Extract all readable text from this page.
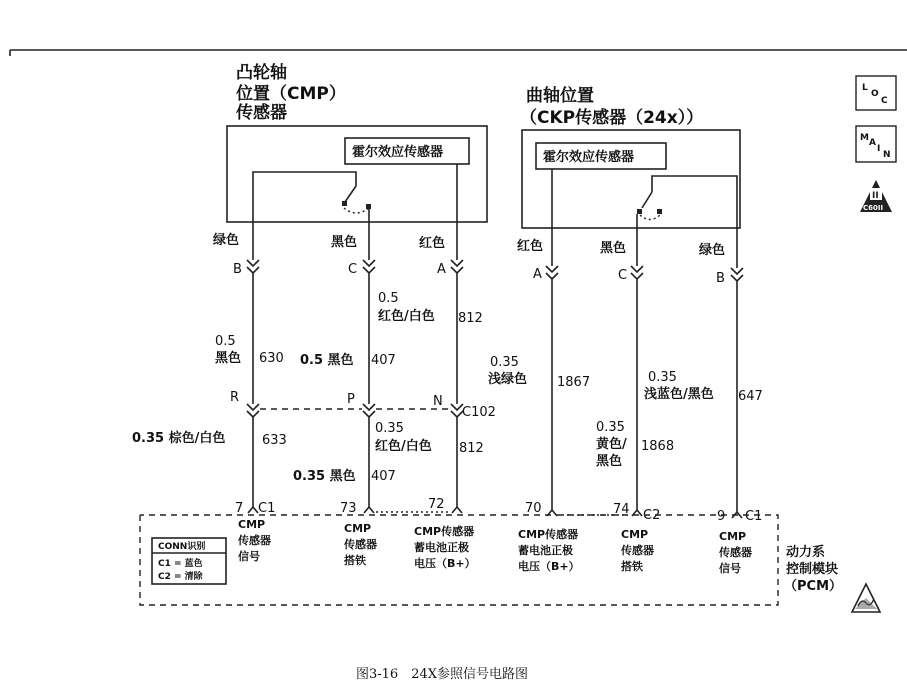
凸轮轴
位置（CMP）
传感器
霍尔效应传感器
曲轴位置
（CKP传感器（24x））
霍尔效应传感器
绿色	黑色	红色	红色	黑色	绿色
B	C	A	A	C	B
0.5
黑色 630
0.5
红色/白色 812
0.5 黑色 407	0.35
浅绿色 1867	0.35
浅蓝色/黑色 647
R	P	N
C102
0.35 棕色/白色	633
0.35
红色/白色 812
0.35 黑色 407
0.35
黄色/
黑色
1868
7 C1	73	72	70	74 C2	9 C1
CMP
传感器
信号
CMP
传感器
搭铁
CMP传感器
蓄电池正极
电压（B+）
CMP传感器
蓄电池正极
电压（B+）
CMP
传感器
搭铁
CMP
传感器
信号
动力系
控制模块
（PCM）
CONN识别
C1 = 蓝色
C2 = 清除
L
O
C
M A
I
N
II
C60II
图3-16　24X参照信号电路图
